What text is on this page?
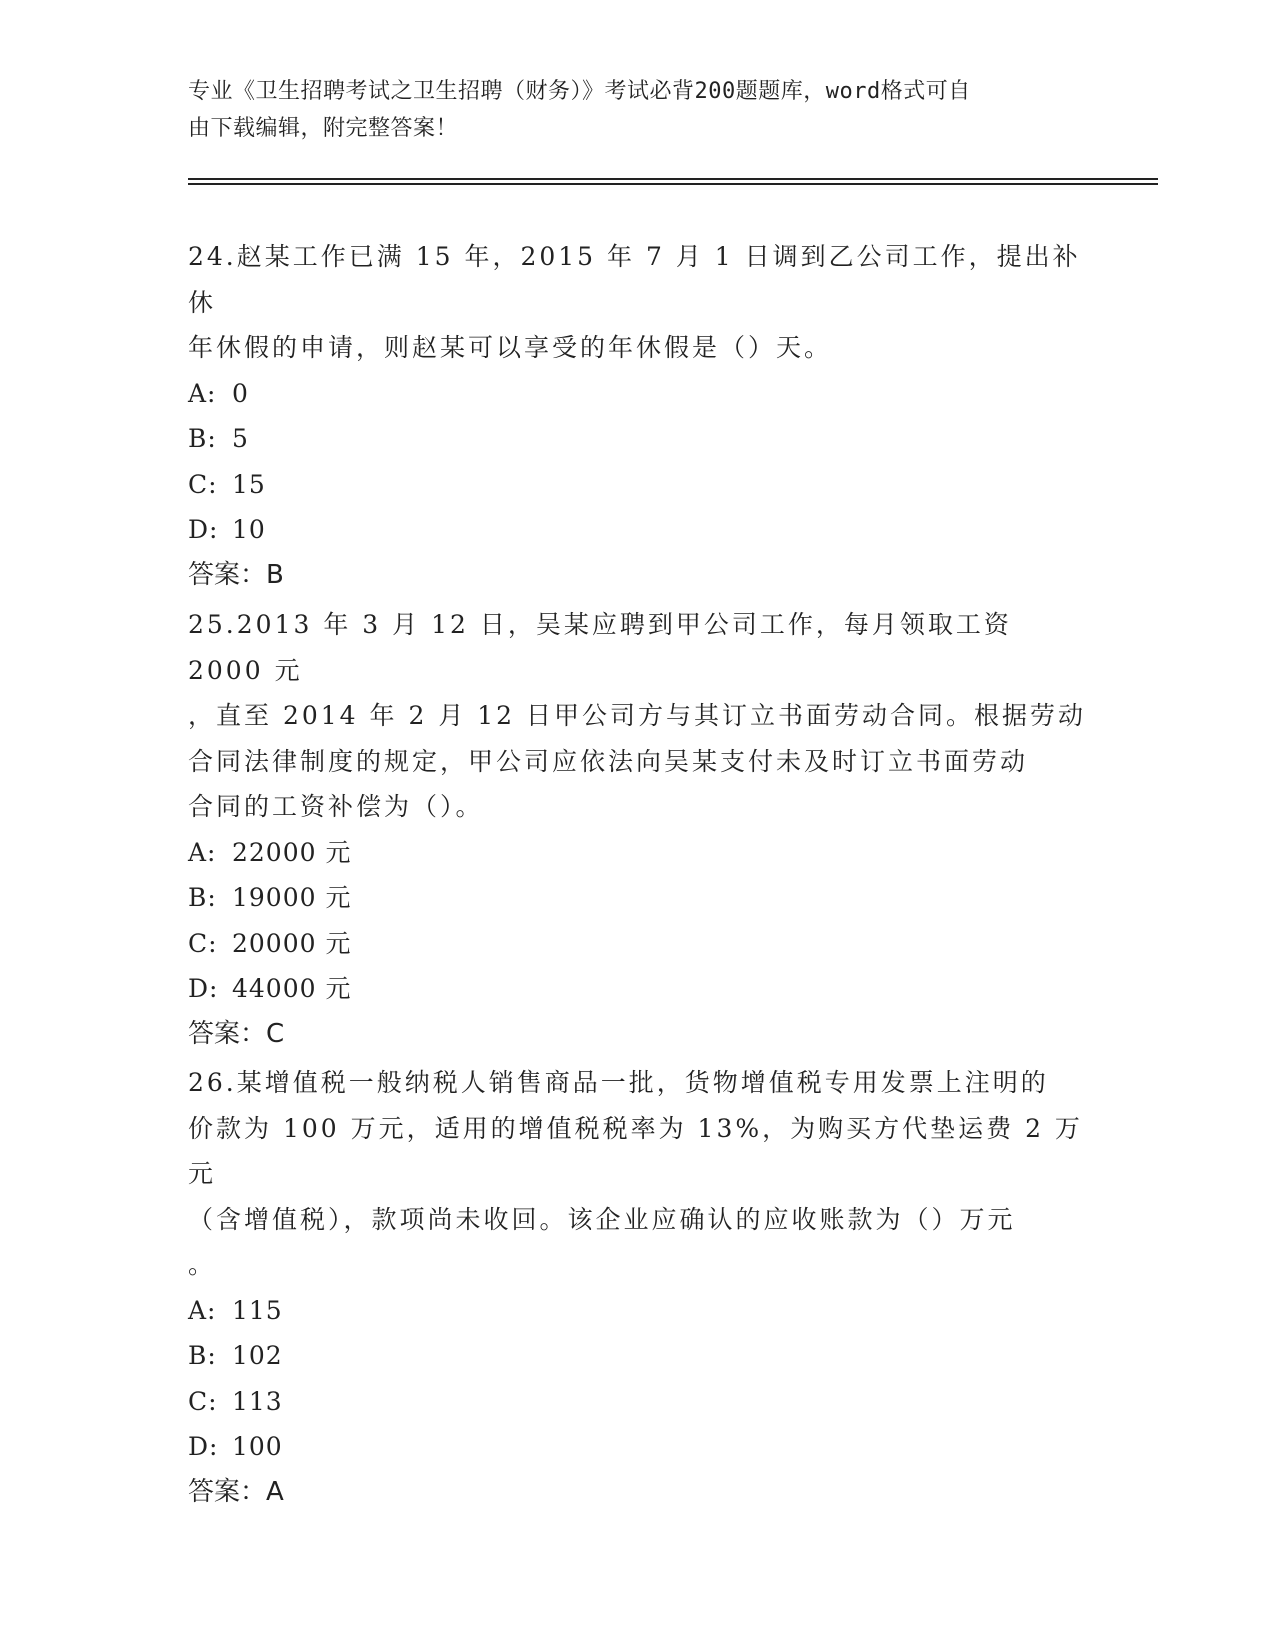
专业《卫生招聘考试之卫生招聘（财务）》考试必背200题题库，word格式可自
由下载编辑，附完整答案！
24.赵某工作已满 15 年，2015 年 7 月 1 日调到乙公司工作，提出补休
年休假的申请，则赵某可以享受的年休假是（）天。
A: 0
B: 5
C: 15
D: 10
答案：B
25.2013 年 3 月 12 日，吴某应聘到甲公司工作，每月领取工资 2000 元
，直至 2014 年 2 月 12 日甲公司方与其订立书面劳动合同。根据劳动
合同法律制度的规定，甲公司应依法向吴某支付未及时订立书面劳动
合同的工资补偿为（）。
A: 22000 元
B: 19000 元
C: 20000 元
D: 44000 元
答案：C
26.某增值税一般纳税人销售商品一批，货物增值税专用发票上注明的
价款为 100 万元，适用的增值税税率为 13%，为购买方代垫运费 2 万元
（含增值税），款项尚未收回。该企业应确认的应收账款为（）万元
。
A: 115
B: 102
C: 113
D: 100
答案：A
